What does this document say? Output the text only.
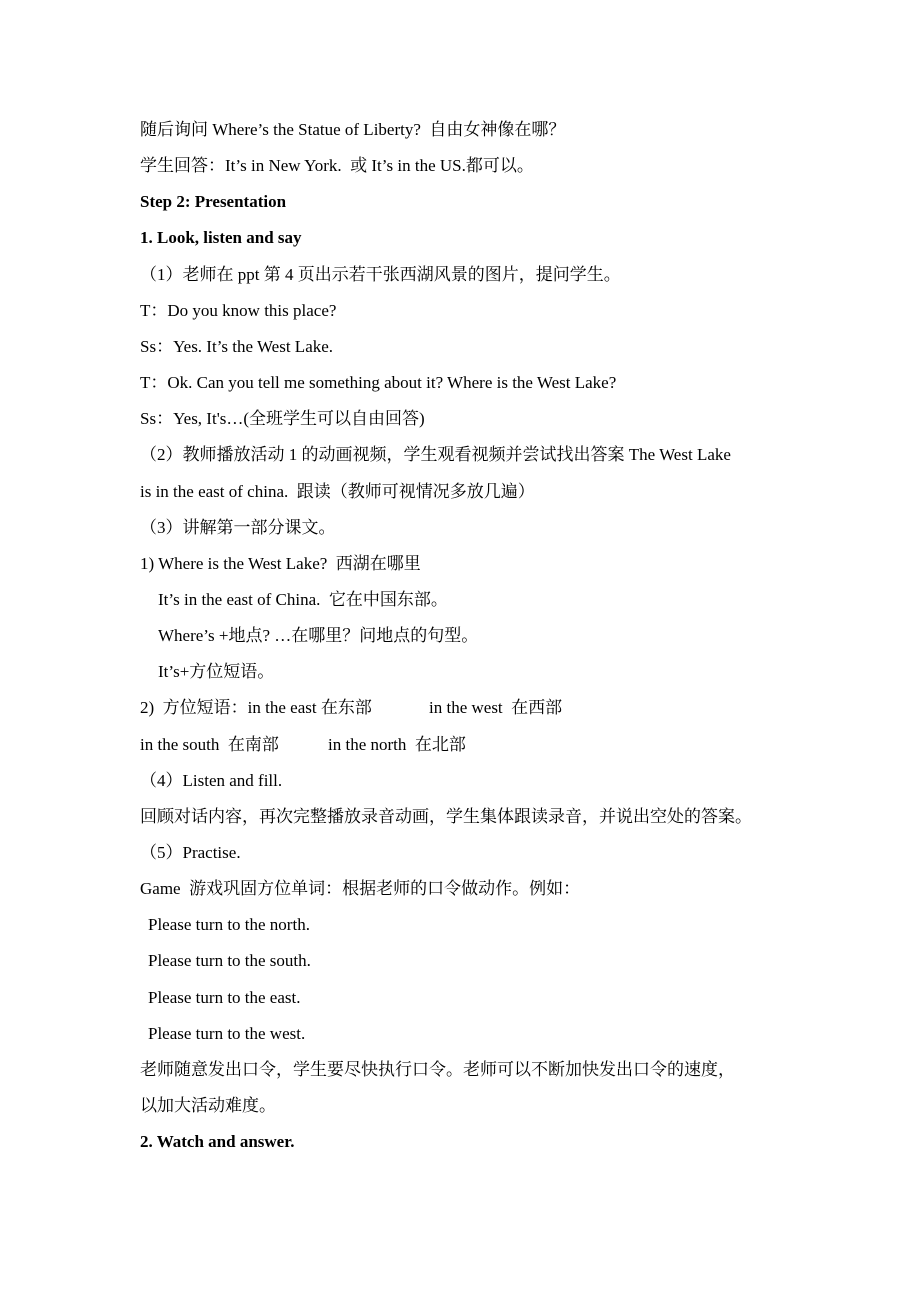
随后询问 Where’s the Statue of Liberty?  自由女神像在哪？
学生回答：It’s in New York.  或 It’s in the US.都可以。
Step 2: Presentation
1. Look, listen and say
（1）老师在 ppt 第 4 页出示若干张西湖风景的图片，提问学生。
T：Do you know this place?
Ss：Yes. It’s the West Lake.
T：Ok. Can you tell me something about it? Where is the West Lake?
Ss：Yes, It's…(全班学生可以自由回答)
（2）教师播放活动 1 的动画视频，学生观看视频并尝试找出答案 The West Lake
is in the east of china.  跟读（教师可视情况多放几遍）
（3）讲解第一部分课文。
1) Where is the West Lake?  西湖在哪里
It’s in the east of China.  它在中国东部。
Where’s +地点? …在哪里？问地点的句型。
It’s+方位短语。
2)  方位短语：in the east 在东部	in the west  在西部
in the south  在南部	in the north  在北部
（4）Listen and fill.
回顾对话内容，再次完整播放录音动画，学生集体跟读录音，并说出空处的答案。
（5）Practise.
Game  游戏巩固方位单词：根据老师的口令做动作。例如：
Please turn to the north.
Please turn to the south.
Please turn to the east.
Please turn to the west.
老师随意发出口令，学生要尽快执行口令。老师可以不断加快发出口令的速度，
以加大活动难度。
2. Watch and answer.
